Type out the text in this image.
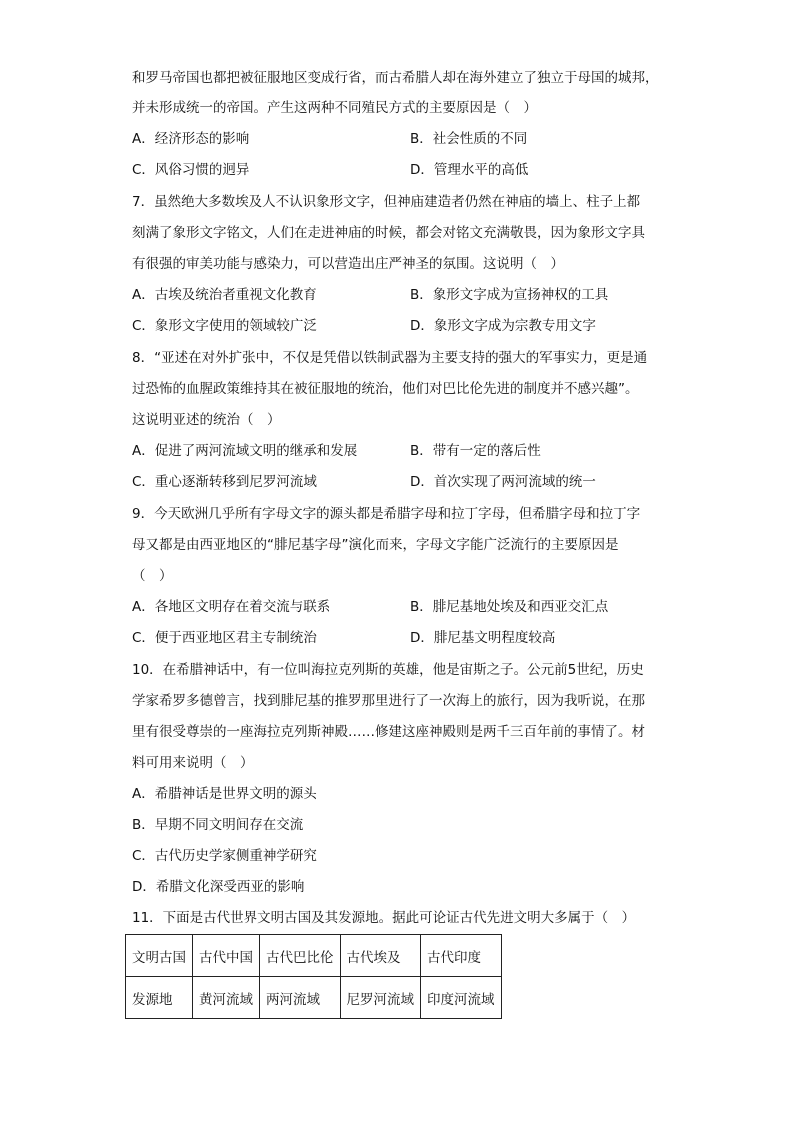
和罗马帝国也都把被征服地区变成行省，而古希腊人却在海外建立了独立于母国的城邦，
并未形成统一的帝国。产生这两种不同殖民方式的主要原因是（　）
A．经济形态的影响	B．社会性质的不同
C．风俗习惯的迥异	D．管理水平的高低
7．虽然绝大多数埃及人不认识象形文字，但神庙建造者仍然在神庙的墙上、柱子上都
刻满了象形文字铭文，人们在走进神庙的时候，都会对铭文充满敬畏，因为象形文字具
有很强的审美功能与感染力，可以营造出庄严神圣的氛围。这说明（　）
A．古埃及统治者重视文化教育	B．象形文字成为宣扬神权的工具
C．象形文字使用的领域较广泛	D．象形文字成为宗教专用文字
8．“亚述在对外扩张中，不仅是凭借以铁制武器为主要支持的强大的军事实力，更是通
过恐怖的血腥政策维持其在被征服地的统治，他们对巴比伦先进的制度并不感兴趣”。
这说明亚述的统治（　）
A．促进了两河流域文明的继承和发展	B．带有一定的落后性
C．重心逐渐转移到尼罗河流域	D．首次实现了两河流域的统一
9．今天欧洲几乎所有字母文字的源头都是希腊字母和拉丁字母，但希腊字母和拉丁字
母又都是由西亚地区的“腓尼基字母”演化而来，字母文字能广泛流行的主要原因是
（　）
A．各地区文明存在着交流与联系	B．腓尼基地处埃及和西亚交汇点
C．便于西亚地区君主专制统治	D．腓尼基文明程度较高
10．在希腊神话中，有一位叫海拉克列斯的英雄，他是宙斯之子。公元前5世纪，历史
学家希罗多德曾言，找到腓尼基的推罗那里进行了一次海上的旅行，因为我听说，在那
里有很受尊崇的一座海拉克列斯神殿……修建这座神殿则是两千三百年前的事情了。材
料可用来说明（　）
A．希腊神话是世界文明的源头
B．早期不同文明间存在交流
C．古代历史学家侧重神学研究
D．希腊文化深受西亚的影响
11．下面是古代世界文明古国及其发源地。据此可论证古代先进文明大多属于（　）
文明古国	古代中国	古代巴比伦	古代埃及	古代印度
发源地	黄河流域	两河流域	尼罗河流域	印度河流域
